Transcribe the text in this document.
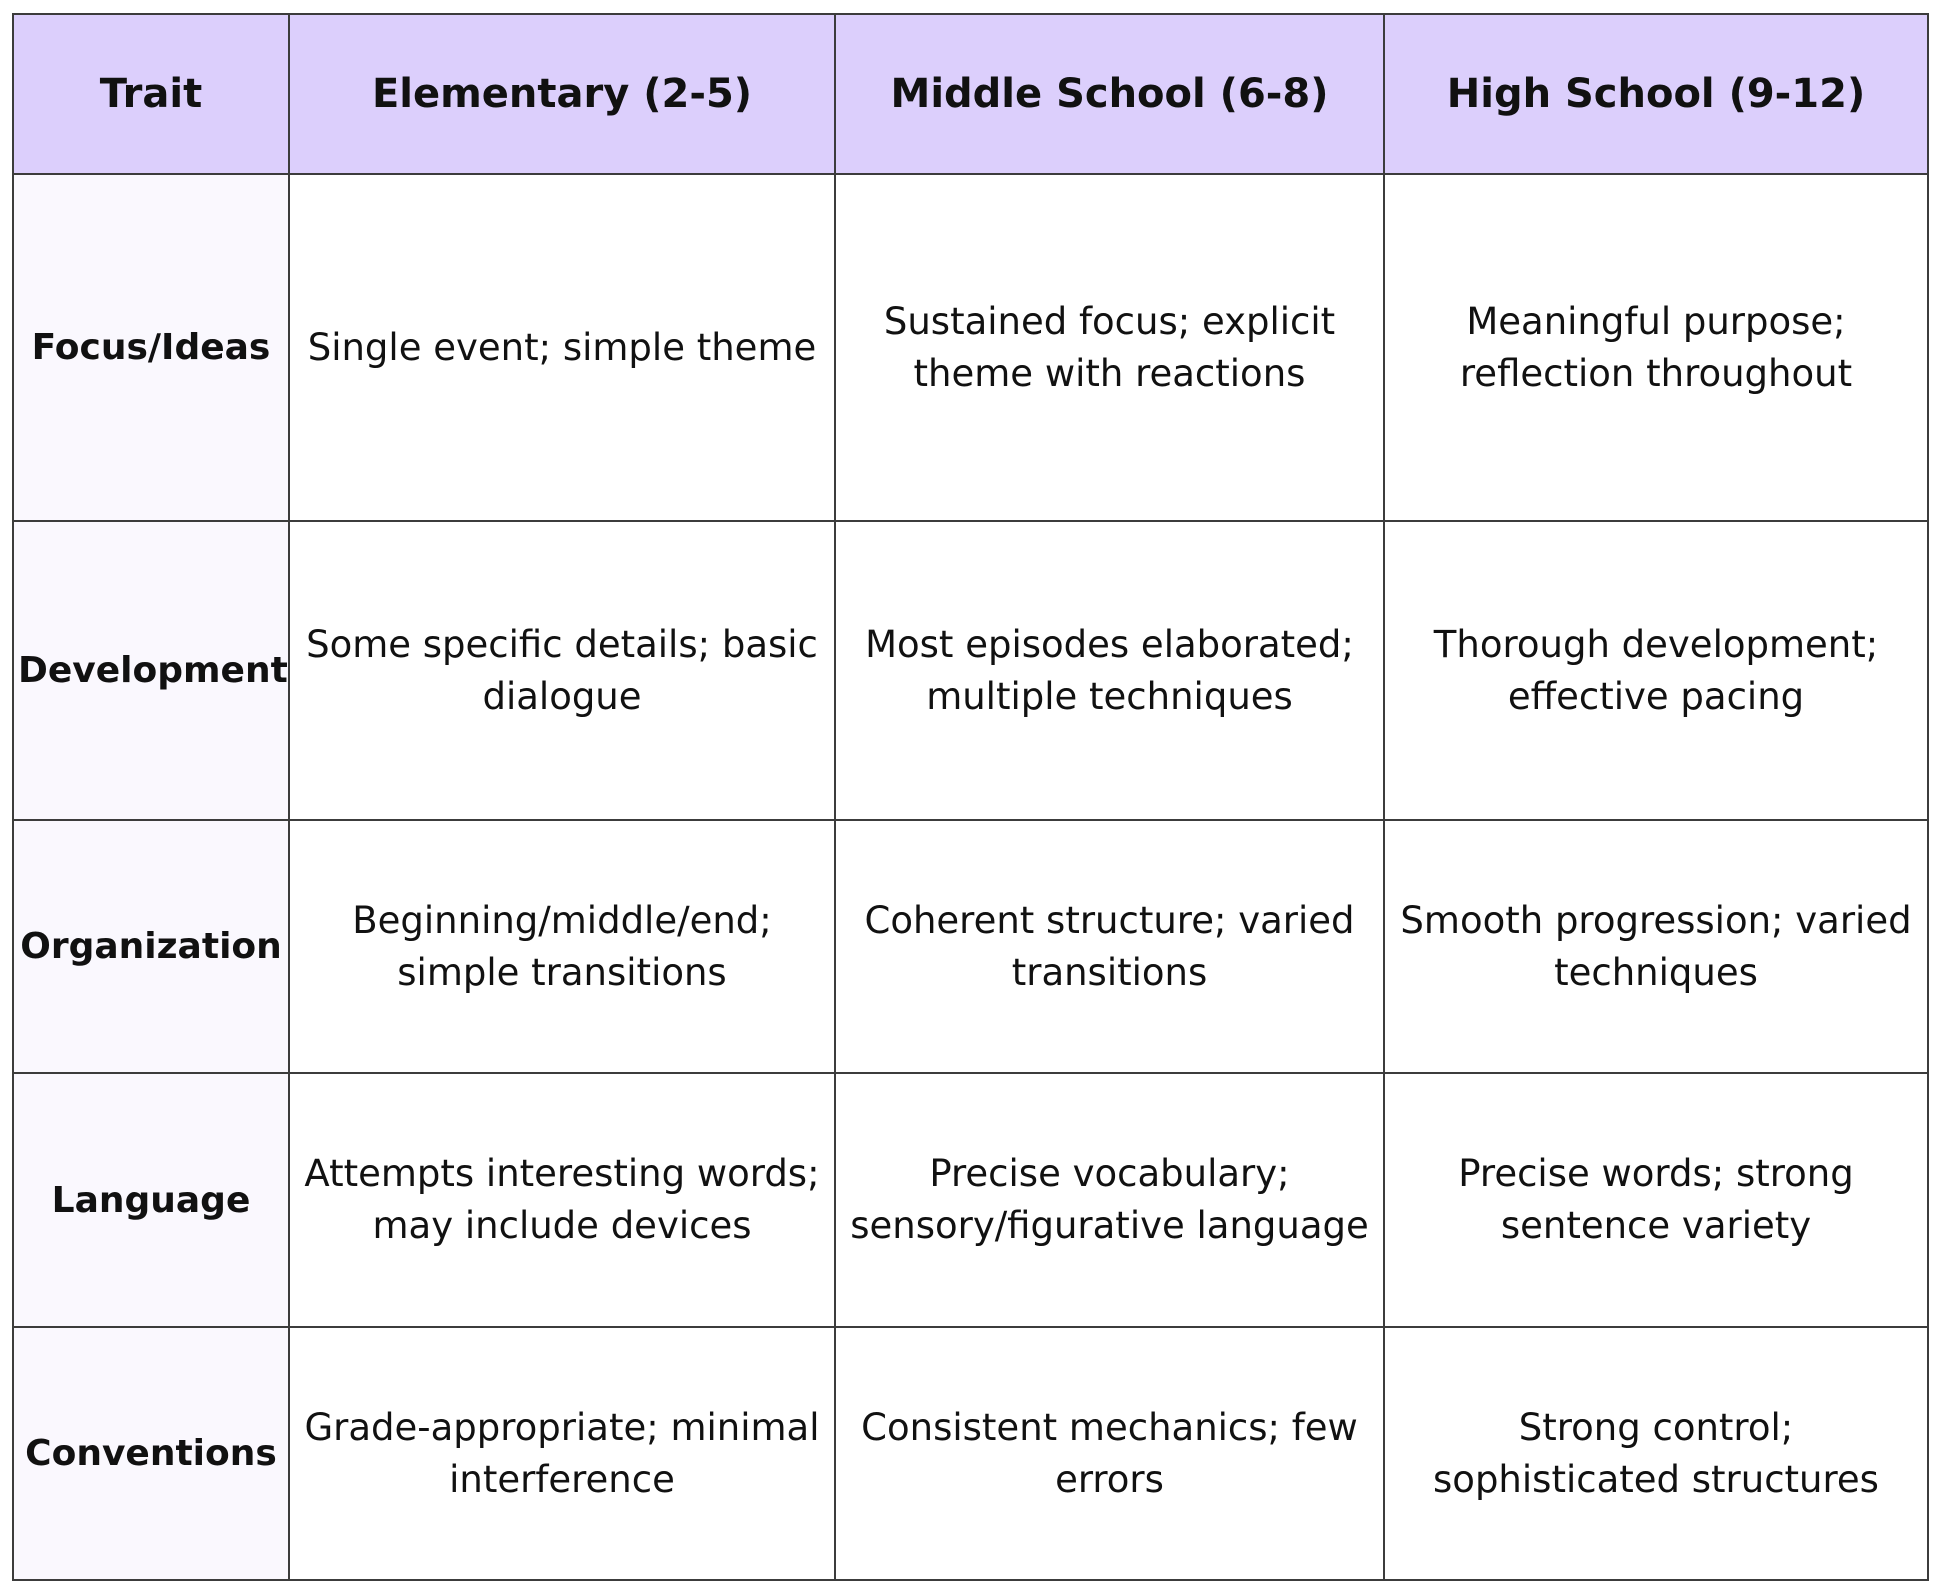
Trait	Elementary (2-5)	Middle School (6-8)	High School (9-12)
Focus/Ideas	Single event; simple theme	Sustained focus; explicit theme with reactions	Meaningful purpose; reflection throughout
Development	Some specific details; basic dialogue	Most episodes elaborated; multiple techniques	Thorough development; effective pacing
Organization	Beginning/middle/end; simple transitions	Coherent structure; varied transitions	Smooth progression; varied techniques
Language	Attempts interesting words; may include devices	Precise vocabulary; sensory/figurative language	Precise words; strong sentence variety
Conventions	Grade-appropriate; minimal interference	Consistent mechanics; few errors	Strong control; sophisticated structures
